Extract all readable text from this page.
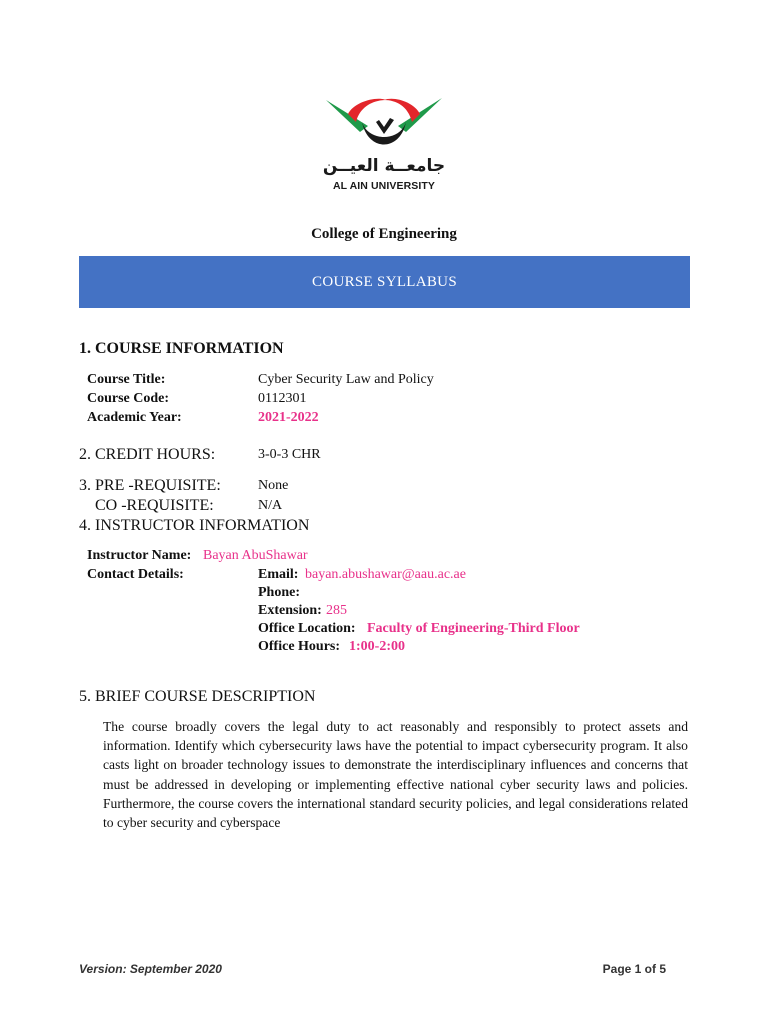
جامعــة العيــن
AL AIN UNIVERSITY
College of Engineering
COURSE SYLLABUS
1. COURSE INFORMATION
Course Title:	Cyber Security Law and Policy
Course Code:	0112301
Academic Year:	2021-2022
2. CREDIT HOURS:	3-0-3 CHR
3. PRE -REQUISITE:	None
CO -REQUISITE:	N/A
4. INSTRUCTOR INFORMATION
Instructor Name: Bayan AbuShawar
Contact Details:	Email: bayan.abushawar@aau.ac.ae
Phone:
Extension: 285
Office Location: Faculty of Engineering-Third Floor
Office Hours: 1:00-2:00
5. BRIEF COURSE DESCRIPTION
The course broadly covers the legal duty to act reasonably and responsibly to protect assets and information. Identify which cybersecurity laws have the potential to impact cybersecurity program. It also casts light on broader technology issues to demonstrate the interdisciplinary influences and concerns that must be addressed in developing or implementing effective national cyber security laws and policies. Furthermore, the course covers the international standard security policies, and legal considerations related to cyber security and cyberspace
Version: September 2020	Page 1 of 5
